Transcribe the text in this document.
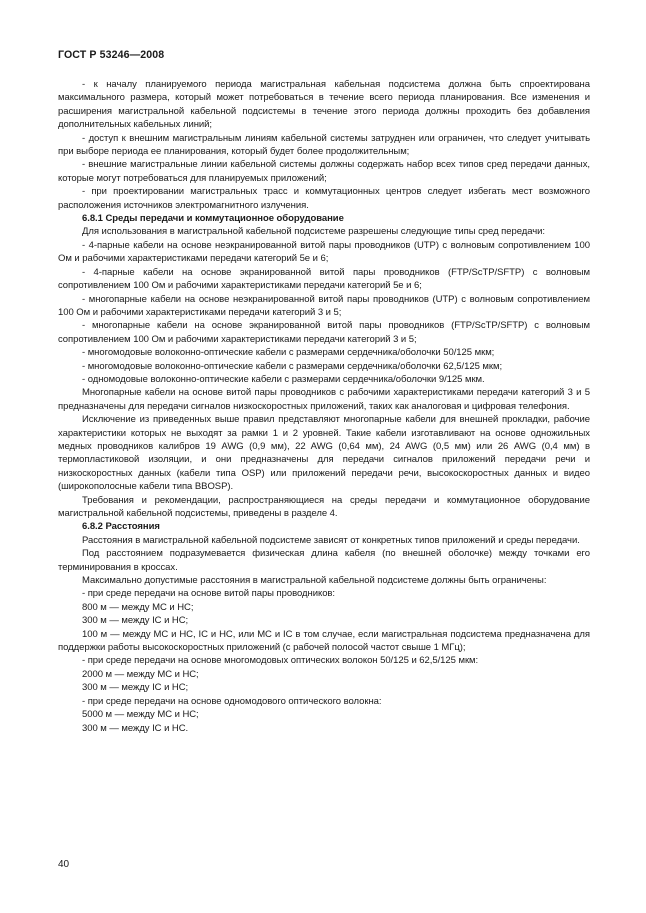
ГОСТ Р 53246—2008

- к началу планируемого периода магистральная кабельная подсистема должна быть спроектирована максимального размера, который может потребоваться в течение всего периода планирования. Все изменения и расширения магистральной кабельной подсистемы в течение этого периода должны проходить без добавления дополнительных кабельных линий;

- доступ к внешним магистральным линиям кабельной системы затруднен или ограничен, что следует учитывать при выборе периода ее планирования, который будет более продолжительным;

- внешние магистральные линии кабельной системы должны содержать набор всех типов сред передачи данных, которые могут потребоваться для планируемых приложений;

- при проектировании магистральных трасс и коммутационных центров следует избегать мест возможного расположения источников электромагнитного излучения.

6.8.1 Среды передачи и коммутационное оборудование

Для использования в магистральной кабельной подсистеме разрешены следующие типы сред передачи:

- 4-парные кабели на основе неэкранированной витой пары проводников (UTP) с волновым сопротивлением 100 Ом и рабочими характеристиками передачи категорий 5е и 6;

- 4-парные кабели на основе экранированной витой пары проводников (FTP/ScTP/SFTP) с волновым сопротивлением 100 Ом и рабочими характеристиками передачи категорий 5е и 6;

- многопарные кабели на основе неэкранированной витой пары проводников (UTP) с волновым сопротивлением 100 Ом и рабочими характеристиками передачи категорий 3 и 5;

- многопарные кабели на основе экранированной витой пары проводников (FTP/ScTP/SFTP) с волновым сопротивлением 100 Ом и рабочими характеристиками передачи категорий 3 и 5;

- многомодовые волоконно-оптические кабели с размерами сердечника/оболочки 50/125 мкм;

- многомодовые волоконно-оптические кабели с размерами сердечника/оболочки 62,5/125 мкм;

- одномодовые волоконно-оптические кабели с размерами сердечника/оболочки 9/125 мкм.

Многопарные кабели на основе витой пары проводников с рабочими характеристиками передачи категорий 3 и 5 предназначены для передачи сигналов низкоскоростных приложений, таких как аналоговая и цифровая телефония.

Исключение из приведенных выше правил представляют многопарные кабели для внешней прокладки, рабочие характеристики которых не выходят за рамки 1 и 2 уровней. Такие кабели изготавливают на основе одножильных медных проводников калибров 19 AWG (0,9 мм), 22 AWG (0,64 мм), 24 AWG (0,5 мм) или 26 AWG (0,4 мм) в термопластиковой изоляции, и они предназначены для передачи сигналов приложений передачи речи и низкоскоростных данных (кабели типа OSP) или приложений передачи речи, высокоскоростных данных и видео (широкополосные кабели типа BBOSP).

Требования и рекомендации, распространяющиеся на среды передачи и коммутационное оборудование магистральной кабельной подсистемы, приведены в разделе 4.

6.8.2 Расстояния

Расстояния в магистральной кабельной подсистеме зависят от конкретных типов приложений и среды передачи.

Под расстоянием подразумевается физическая длина кабеля (по внешней оболочке) между точками его терминирования в кроссах.

Максимально допустимые расстояния в магистральной кабельной подсистеме должны быть ограничены:

- при среде передачи на основе витой пары проводников:

800 м — между МС и НС;

300 м — между IC и НС;

100 м — между МС и НС, IC и НС, или МС и IC в том случае, если магистральная подсистема предназначена для поддержки работы высокоскоростных приложений (с рабочей полосой частот свыше 1 МГц);

- при среде передачи на основе многомодовых оптических волокон 50/125 и 62,5/125 мкм:

2000 м — между МС и НС;

300 м — между IC и НС;

- при среде передачи на основе одномодового оптического волокна:

5000 м — между МС и НС;

300 м — между IC и НС.

40
